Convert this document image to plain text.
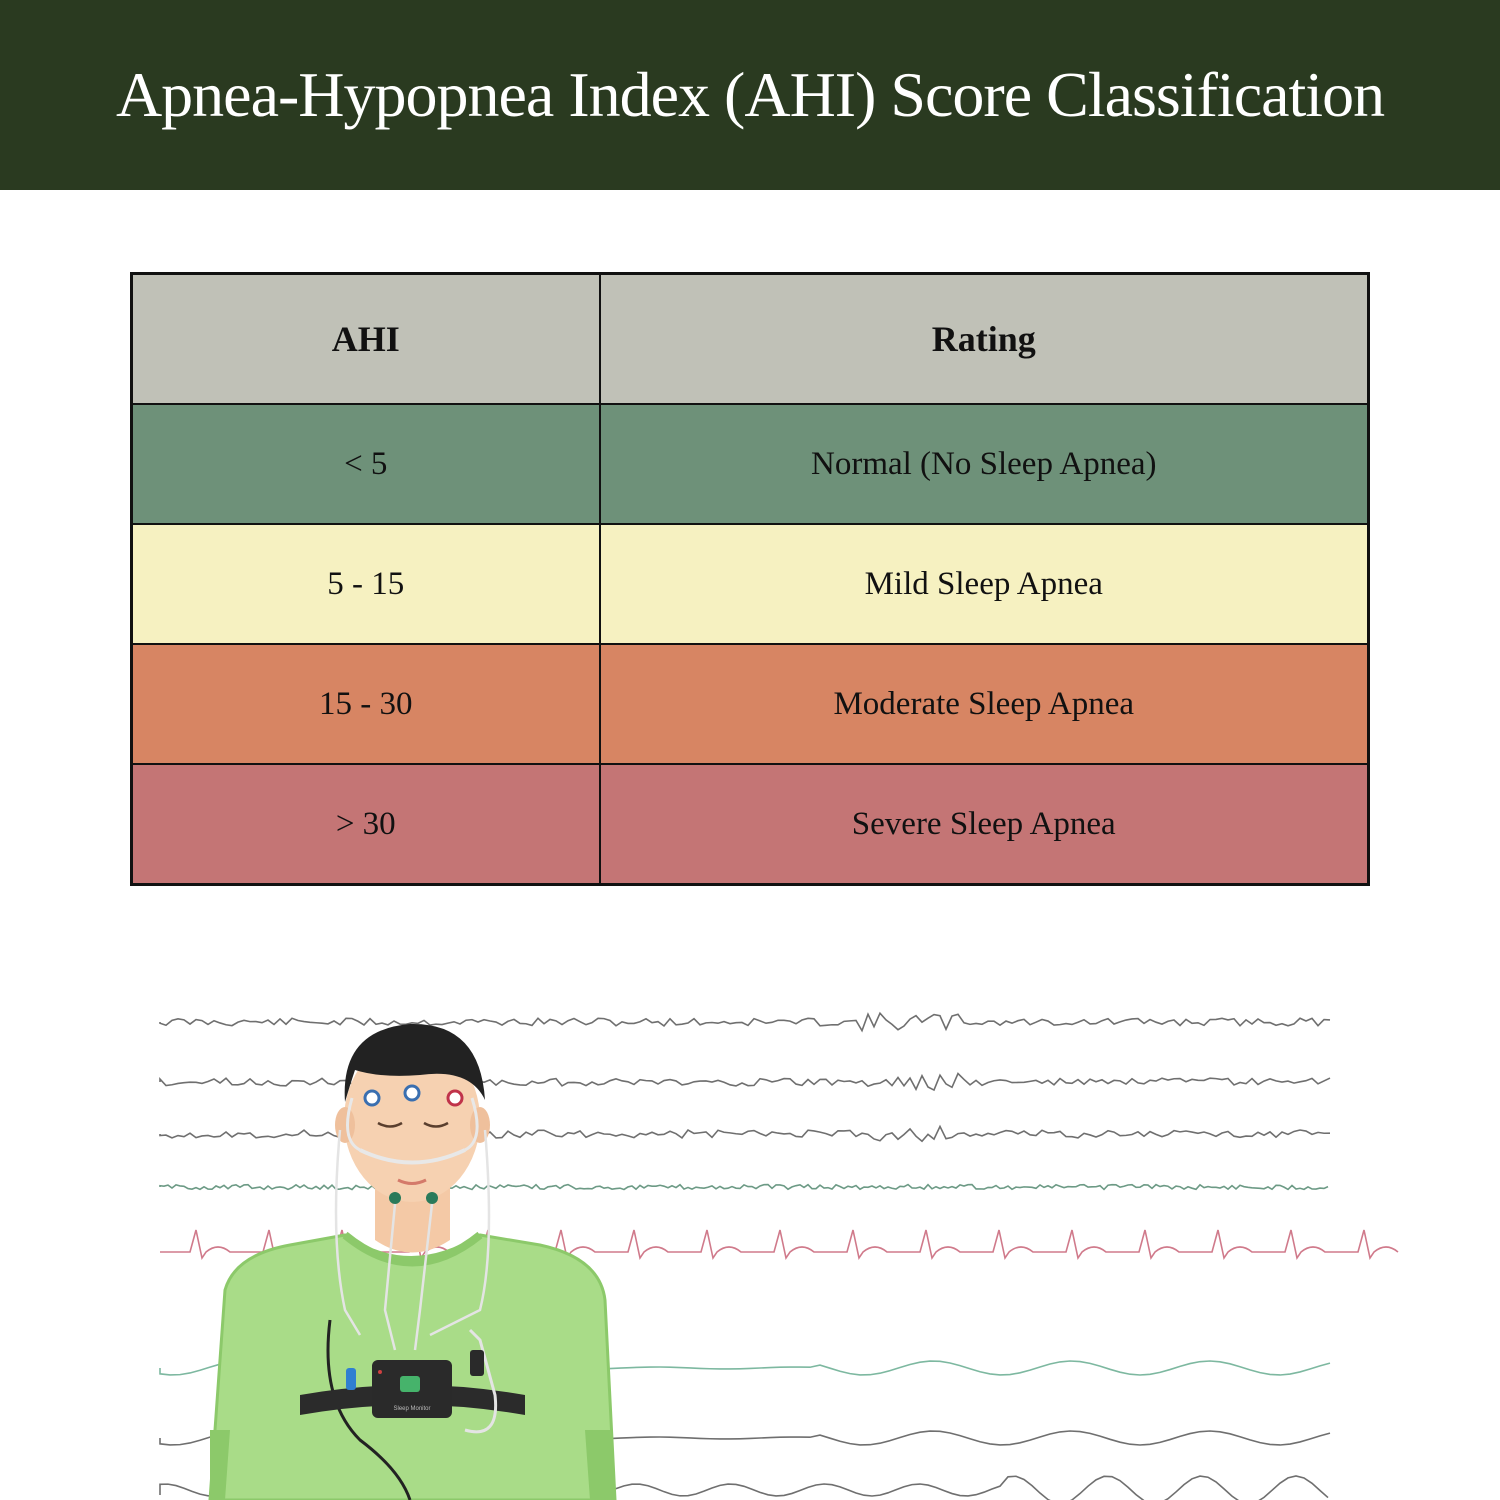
Apnea-Hypopnea Index (AHI) Score Classification
AHI	Rating
< 5	Normal (No Sleep Apnea)
5 - 15	Mild Sleep Apnea
15 - 30	Moderate Sleep Apnea
> 30	Severe Sleep Apnea
Sleep Monitor
